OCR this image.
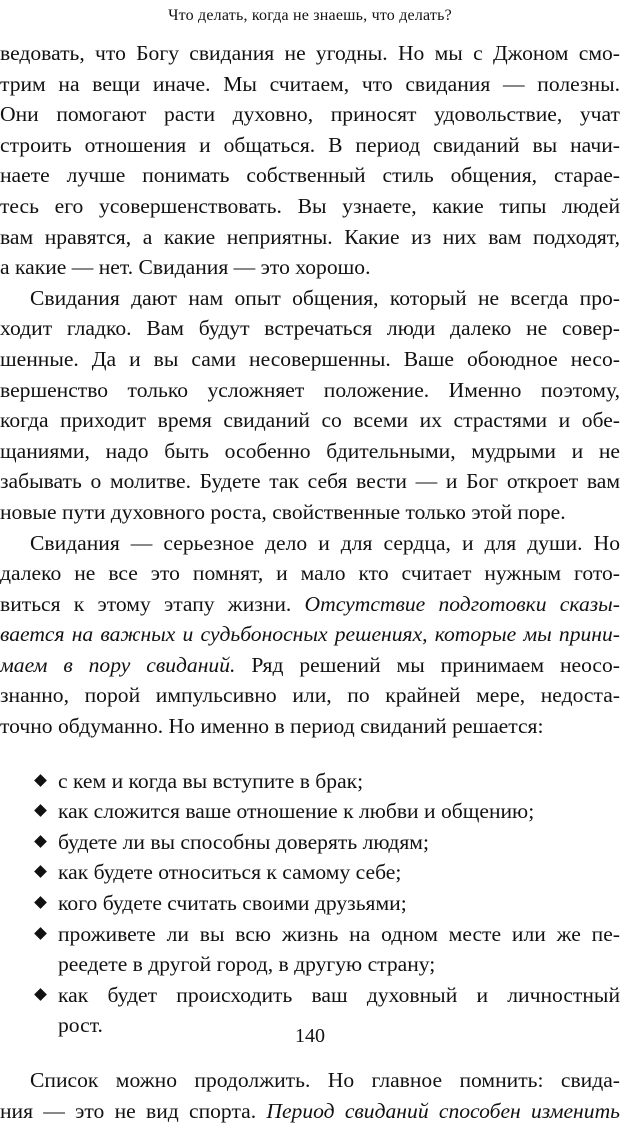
Что делать, когда не знаешь, что делать?
ведовать, что Богу свидания не угодны. Но мы с Джоном смо-
трим на вещи иначе. Мы считаем, что свидания — полезны.
Они помогают расти духовно, приносят удовольствие, учат
строить отношения и общаться. В период свиданий вы начи-
наете лучше понимать собственный стиль общения, старае-
тесь его усовершенствовать. Вы узнаете, какие типы людей
вам нравятся, а какие неприятны. Какие из них вам подходят,
а какие — нет. Свидания — это хорошо.
Свидания дают нам опыт общения, который не всегда про-
ходит гладко. Вам будут встречаться люди далеко не совер-
шенные. Да и вы сами несовершенны. Ваше обоюдное несо-
вершенство только усложняет положение. Именно поэтому,
когда приходит время свиданий со всеми их страстями и обе-
щаниями, надо быть особенно бдительными, мудрыми и не
забывать о молитве. Будете так себя вести — и Бог откроет вам
новые пути духовного роста, свойственные только этой поре.
Свидания — серьезное дело и для сердца, и для души. Но
далеко не все это помнят, и мало кто считает нужным гото-
виться к этому этапу жизни. Отсутствие подготовки сказы-
вается на важных и судьбоносных решениях, которые мы прини-
маем в пору свиданий. Ряд решений мы принимаем неосо-
знанно, порой импульсивно или, по крайней мере, недоста-
точно обдуманно. Но именно в период свиданий решается:
с кем и когда вы вступите в брак;
как сложится ваше отношение к любви и общению;
будете ли вы способны доверять людям;
как будете относиться к самому себе;
кого будете считать своими друзьями;
проживете ли вы всю жизнь на одном месте или же пе-
реедете в другой город, в другую страну;
как будет происходить ваш духовный и личностный
рост.
Список можно продолжить. Но главное помнить: свида-
ния — это не вид спорта. Период свиданий способен изменить
140
